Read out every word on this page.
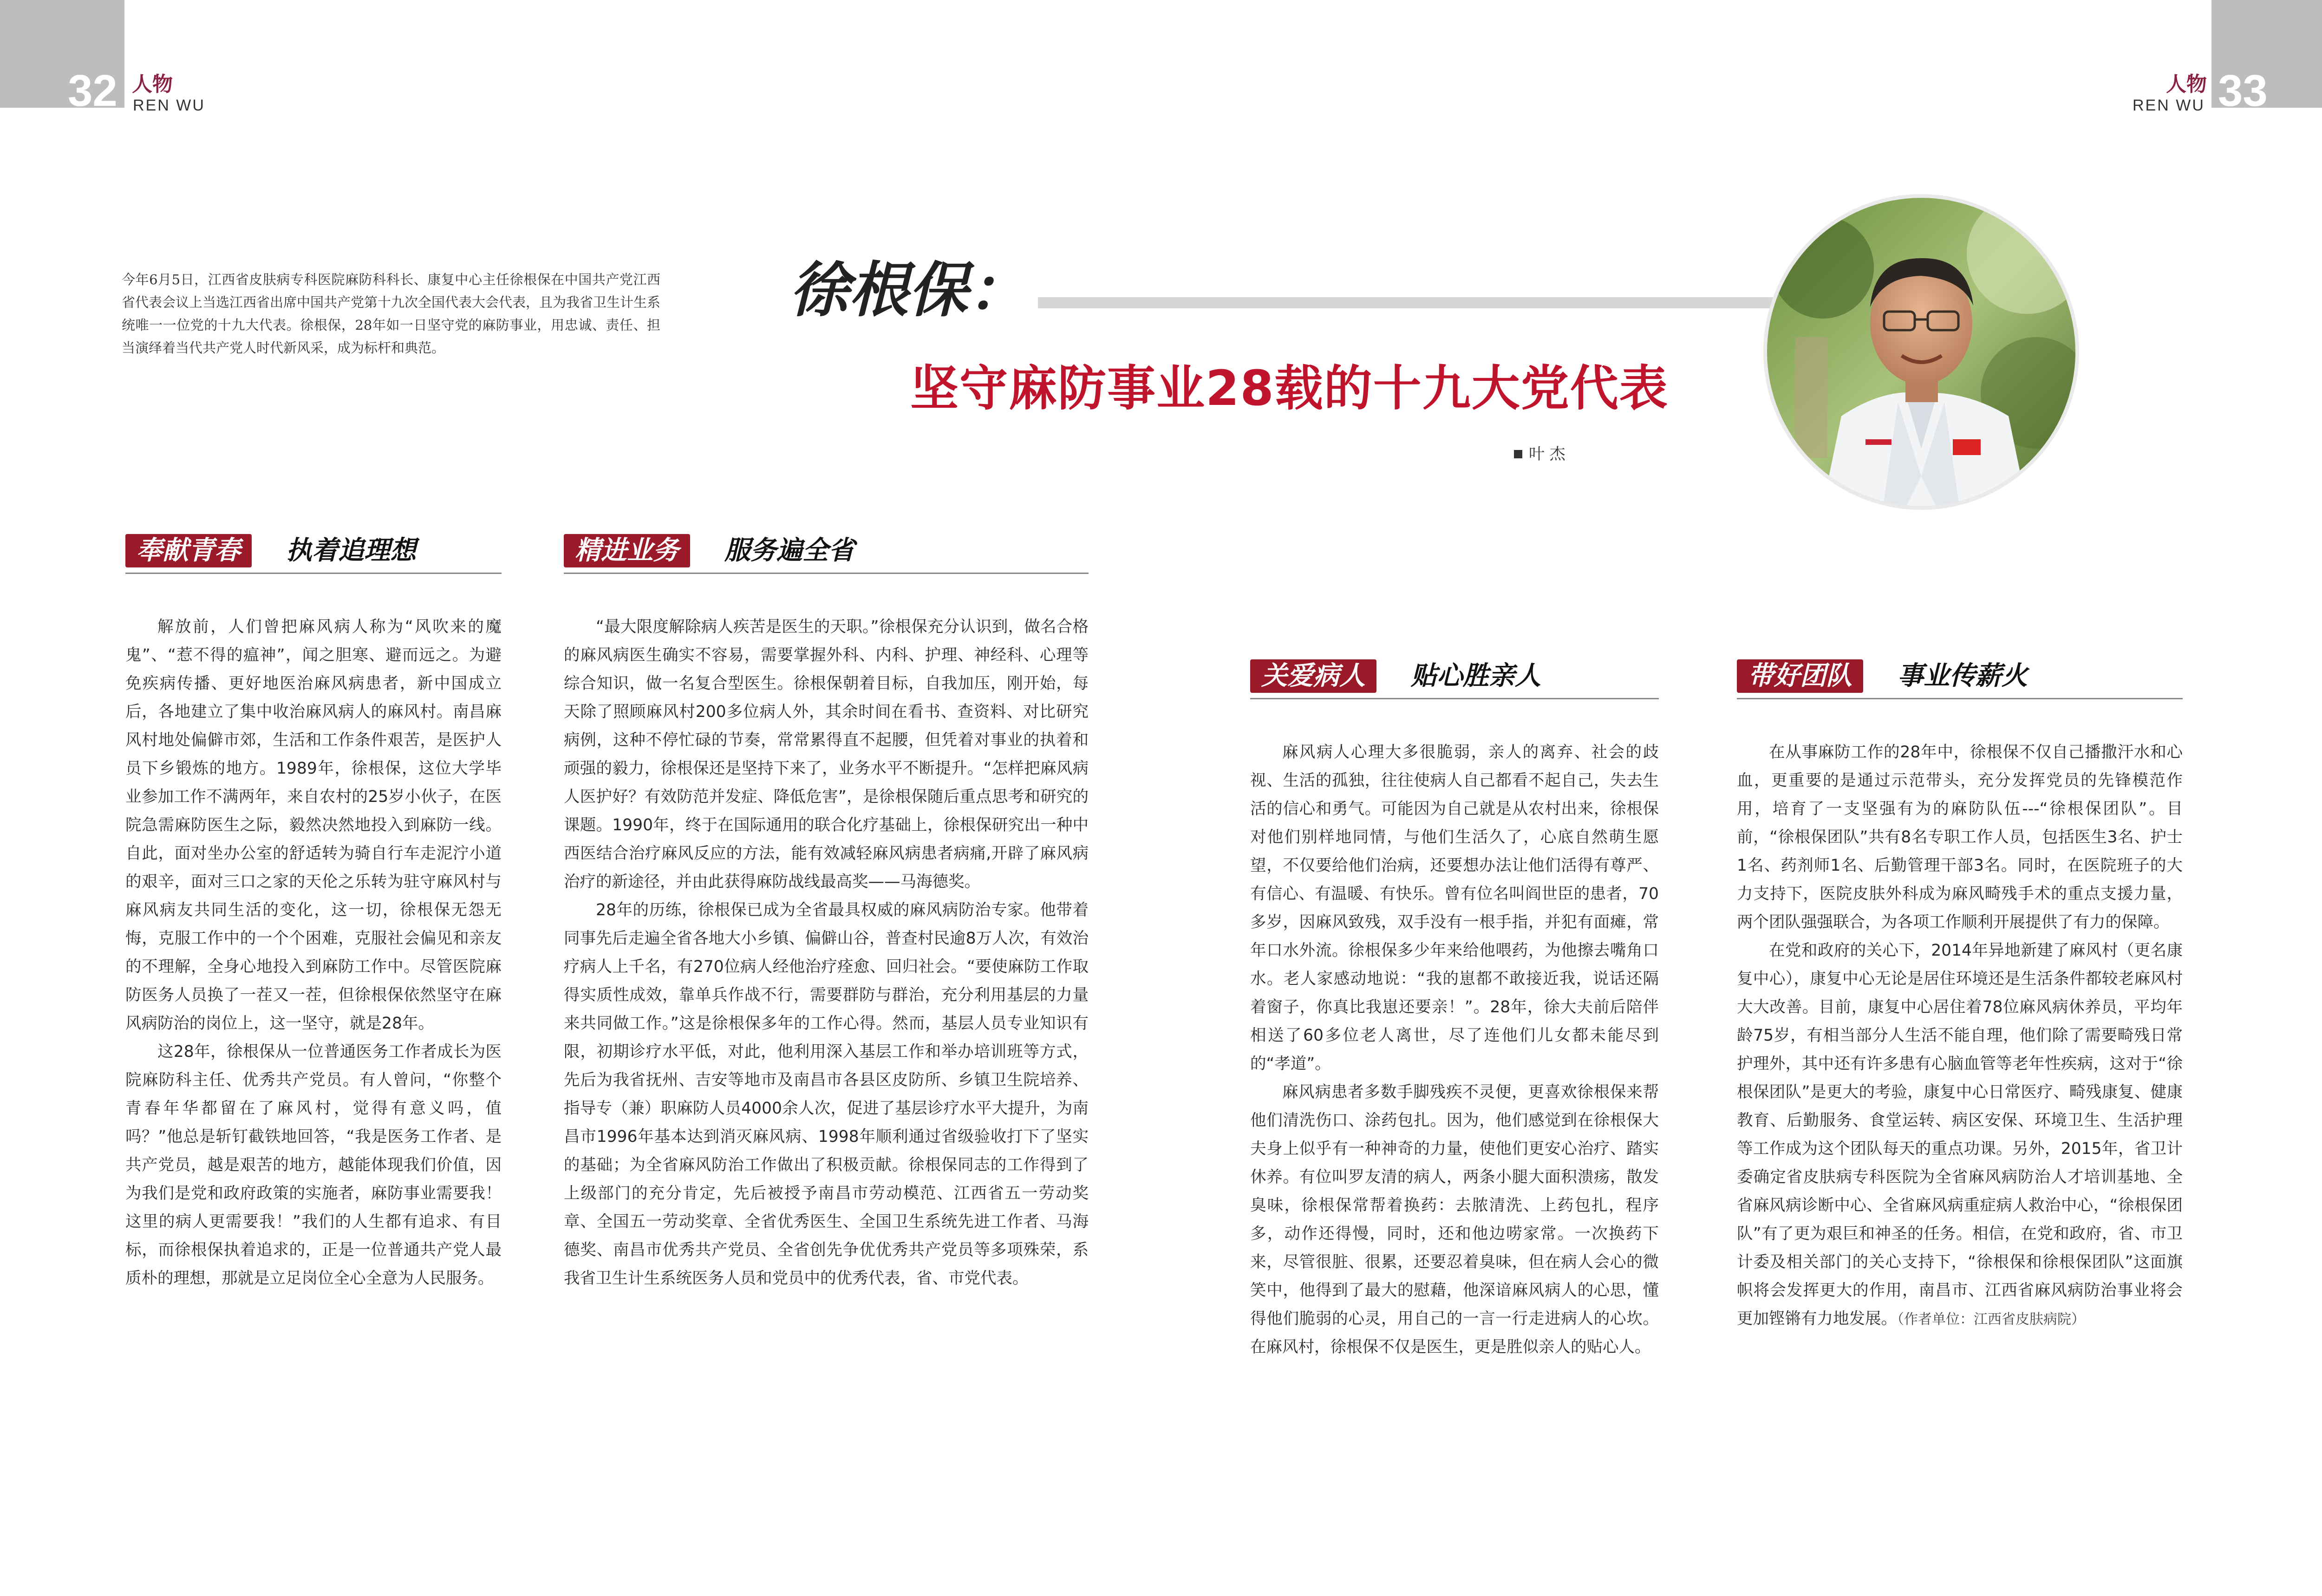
32 人物
REN WU	33
人物
REN WU

今年6月5日，江西省皮肤病专科医院麻防科科长、康复中心主任徐根保在中国共产党江西省代表会议上当选江西省出席中国共产党第十九次全国代表大会代表，且为我省卫生计生系统唯一一位党的十九大代表。徐根保，28年如一日坚守党的麻防事业，用忠诚、责任、担当演绎着当代共产党人时代新风采，成为标杆和典范。

徐根保：
坚守麻防事业28载的十九大党代表
叶 杰
奉献青春	执着追理想	精进业务	服务遍全省
关爱病人	贴心胜亲人	带好团队	事业传薪火

解放前，人们曾把麻风病人称为“风吹来的魔鬼”、“惹不得的瘟神”，闻之胆寒、避而远之。为避免疾病传播、更好地医治麻风病患者，新中国成立后，各地建立了集中收治麻风病人的麻风村。南昌麻风村地处偏僻市郊，生活和工作条件艰苦，是医护人员下乡锻炼的地方。1989年，徐根保，这位大学毕业参加工作不满两年，来自农村的25岁小伙子，在医院急需麻防医生之际，毅然决然地投入到麻防一线。自此，面对坐办公室的舒适转为骑自行车走泥泞小道的艰辛，面对三口之家的天伦之乐转为驻守麻风村与麻风病友共同生活的变化，这一切，徐根保无怨无悔，克服工作中的一个个困难，克服社会偏见和亲友的不理解，全身心地投入到麻防工作中。尽管医院麻防医务人员换了一茬又一茬，但徐根保依然坚守在麻风病防治的岗位上，这一坚守，就是28年。

这28年，徐根保从一位普通医务工作者成长为医院麻防科主任、优秀共产党员。有人曾问，“你整个青春年华都留在了麻风村，觉得有意义吗，值吗？”他总是斩钉截铁地回答，“我是医务工作者、是共产党员，越是艰苦的地方，越能体现我们价值，因为我们是党和政府政策的实施者，麻防事业需要我！这里的病人更需要我！”我们的人生都有追求、有目标，而徐根保执着追求的，正是一位普通共产党人最质朴的理想，那就是立足岗位全心全意为人民服务。

“最大限度解除病人疾苦是医生的天职。”徐根保充分认识到，做名合格的麻风病医生确实不容易，需要掌握外科、内科、护理、神经科、心理等综合知识，做一名复合型医生。徐根保朝着目标，自我加压，刚开始，每天除了照顾麻风村200多位病人外，其余时间在看书、查资料、对比研究病例，这种不停忙碌的节奏，常常累得直不起腰，但凭着对事业的执着和顽强的毅力，徐根保还是坚持下来了，业务水平不断提升。“怎样把麻风病人医护好？有效防范并发症、降低危害”，是徐根保随后重点思考和研究的课题。1990年，终于在国际通用的联合化疗基础上，徐根保研究出一种中西医结合治疗麻风反应的方法，能有效减轻麻风病患者病痛,开辟了麻风病治疗的新途径，并由此获得麻防战线最高奖——马海德奖。

28年的历练，徐根保已成为全省最具权威的麻风病防治专家。他带着同事先后走遍全省各地大小乡镇、偏僻山谷，普查村民逾8万人次，有效治疗病人上千名，有270位病人经他治疗痊愈、回归社会。“要使麻防工作取得实质性成效，靠单兵作战不行，需要群防与群治，充分利用基层的力量来共同做工作。”这是徐根保多年的工作心得。然而，基层人员专业知识有限，初期诊疗水平低，对此，他利用深入基层工作和举办培训班等方式，先后为我省抚州、吉安等地市及南昌市各县区皮防所、乡镇卫生院培养、指导专（兼）职麻防人员4000余人次，促进了基层诊疗水平大提升，为南昌市1996年基本达到消灭麻风病、1998年顺利通过省级验收打下了坚实的基础；为全省麻风防治工作做出了积极贡献。徐根保同志的工作得到了上级部门的充分肯定，先后被授予南昌市劳动模范、江西省五一劳动奖章、全国五一劳动奖章、全省优秀医生、全国卫生系统先进工作者、马海德奖、南昌市优秀共产党员、全省创先争优优秀共产党员等多项殊荣，系我省卫生计生系统医务人员和党员中的优秀代表，省、市党代表。

麻风病人心理大多很脆弱，亲人的离弃、社会的歧视、生活的孤独，往往使病人自己都看不起自己，失去生活的信心和勇气。可能因为自己就是从农村出来，徐根保对他们别样地同情，与他们生活久了，心底自然萌生愿望，不仅要给他们治病，还要想办法让他们活得有尊严、有信心、有温暖、有快乐。曾有位名叫阎世臣的患者，70多岁，因麻风致残，双手没有一根手指，并犯有面瘫，常年口水外流。徐根保多少年来给他喂药，为他擦去嘴角口水。老人家感动地说：“我的崽都不敢接近我，说话还隔着窗子，你真比我崽还要亲！”。28年，徐大夫前后陪伴相送了60多位老人离世，尽了连他们儿女都未能尽到的“孝道”。

麻风病患者多数手脚残疾不灵便，更喜欢徐根保来帮他们清洗伤口、涂药包扎。因为，他们感觉到在徐根保大夫身上似乎有一种神奇的力量，使他们更安心治疗、踏实休养。有位叫罗友清的病人，两条小腿大面积溃疡，散发臭味，徐根保常帮着换药：去脓清洗、上药包扎，程序多，动作还得慢，同时，还和他边唠家常。一次换药下来，尽管很脏、很累，还要忍着臭味，但在病人会心的微笑中，他得到了最大的慰藉，他深谙麻风病人的心思，懂得他们脆弱的心灵，用自己的一言一行走进病人的心坎。在麻风村，徐根保不仅是医生，更是胜似亲人的贴心人。

在从事麻防工作的28年中，徐根保不仅自己播撒汗水和心血，更重要的是通过示范带头，充分发挥党员的先锋模范作用，培育了一支坚强有为的麻防队伍---“徐根保团队”。目前，“徐根保团队”共有8名专职工作人员，包括医生3名、护士1名、药剂师1名、后勤管理干部3名。同时，在医院班子的大力支持下，医院皮肤外科成为麻风畸残手术的重点支援力量，两个团队强强联合，为各项工作顺利开展提供了有力的保障。

在党和政府的关心下，2014年异地新建了麻风村（更名康复中心），康复中心无论是居住环境还是生活条件都较老麻风村大大改善。目前，康复中心居住着78位麻风病休养员，平均年龄75岁，有相当部分人生活不能自理，他们除了需要畸残日常护理外，其中还有许多患有心脑血管等老年性疾病，这对于“徐根保团队”是更大的考验，康复中心日常医疗、畸残康复、健康教育、后勤服务、食堂运转、病区安保、环境卫生、生活护理等工作成为这个团队每天的重点功课。另外，2015年，省卫计委确定省皮肤病专科医院为全省麻风病防治人才培训基地、全省麻风病诊断中心、全省麻风病重症病人救治中心，“徐根保团队”有了更为艰巨和神圣的任务。相信，在党和政府，省、市卫计委及相关部门的关心支持下，“徐根保和徐根保团队”这面旗帜将会发挥更大的作用，南昌市、江西省麻风病防治事业将会更加铿锵有力地发展。（作者单位：江西省皮肤病院）
